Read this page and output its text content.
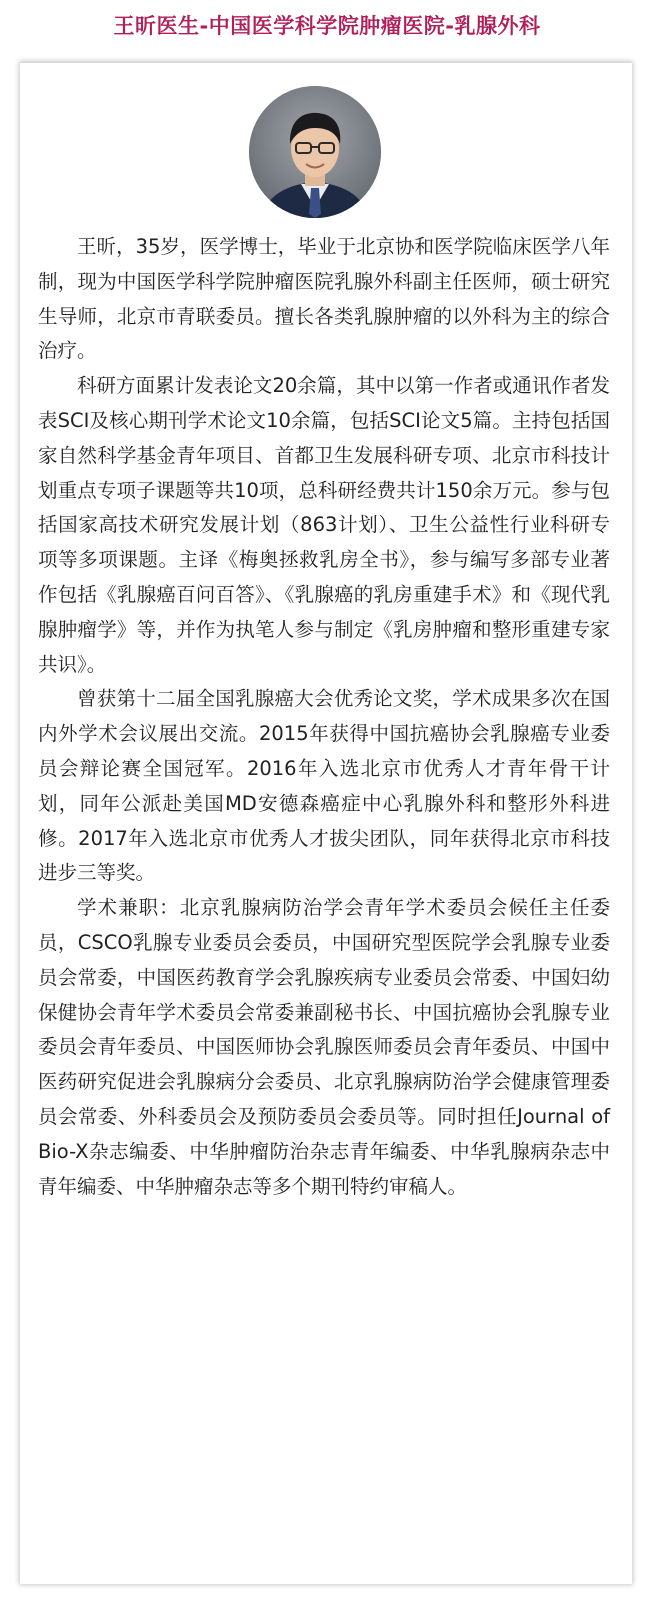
王昕医生-中国医学科学院肿瘤医院-乳腺外科

王昕，35岁，医学博士，毕业于北京协和医学院临床医学八年制，现为中国医学科学院肿瘤医院乳腺外科副主任医师，硕士研究生导师，北京市青联委员。擅长各类乳腺肿瘤的以外科为主的综合治疗。

科研方面累计发表论文20余篇，其中以第一作者或通讯作者发表SCI及核心期刊学术论文10余篇，包括SCI论文5篇。主持包括国家自然科学基金青年项目、首都卫生发展科研专项、北京市科技计划重点专项子课题等共10项，总科研经费共计150余万元。参与包括国家高技术研究发展计划（863计划）、卫生公益性行业科研专项等多项课题。主译《梅奥拯救乳房全书》，参与编写多部专业著作包括《乳腺癌百问百答》、《乳腺癌的乳房重建手术》和《现代乳腺肿瘤学》等，并作为执笔人参与制定《乳房肿瘤和整形重建专家共识》。

曾获第十二届全国乳腺癌大会优秀论文奖，学术成果多次在国内外学术会议展出交流。2015年获得中国抗癌协会乳腺癌专业委员会辩论赛全国冠军。2016年入选北京市优秀人才青年骨干计划，同年公派赴美国MD安德森癌症中心乳腺外科和整形外科进修。2017年入选北京市优秀人才拔尖团队，同年获得北京市科技进步三等奖。

学术兼职：北京乳腺病防治学会青年学术委员会候任主任委员，CSCO乳腺专业委员会委员，中国研究型医院学会乳腺专业委员会常委，中国医药教育学会乳腺疾病专业委员会常委、中国妇幼保健协会青年学术委员会常委兼副秘书长、中国抗癌协会乳腺专业委员会青年委员、中国医师协会乳腺医师委员会青年委员、中国中医药研究促进会乳腺病分会委员、北京乳腺病防治学会健康管理委员会常委、外科委员会及预防委员会委员等。同时担任Journal of Bio-X杂志编委、中华肿瘤防治杂志青年编委、中华乳腺病杂志中青年编委、中华肿瘤杂志等多个期刊特约审稿人。
